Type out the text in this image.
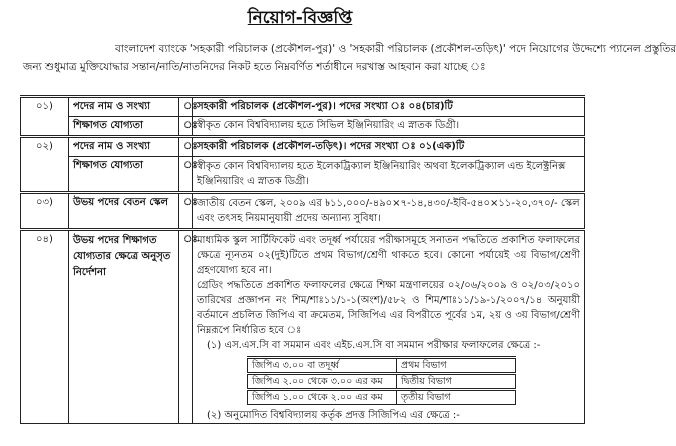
নিয়োগ-বিজ্ঞপ্তি
বাংলাদেশ ব্যাংকে 'সহকারী পরিচালক (প্রকৌশল-পুর)' ও 'সহকারী পরিচালক (প্রকৌশল-তড়িৎ)' পদে নিয়োগের উদ্দেশ্যে প্যানেল প্রস্তুতির
জন্য শুধুমাত্র মুক্তিযোদ্ধার সন্তান/নাতি/নাতনিদের নিকট হতে নিম্নবর্ণিত শর্তাধীনে দরখাস্ত আহবান করা যাচ্ছে ঃ
০১)	পদের নাম ও সংখ্যা	ঃ	সহকারী পরিচালক (প্রকৌশল-পুর)। পদের সংখ্যা ঃ ০৪(চার)টি
শিক্ষাগত যোগ্যতা	ঃ	স্বীকৃত কোন বিশ্ববিদ্যালয় হতে সিভিল ইঞ্জিনিয়ারিং এ স্নাতক ডিগ্রী।
০২)	পদের নাম ও সংখ্যা	ঃ	সহকারী পরিচালক (প্রকৌশল-তড়িৎ)। পদের সংখ্যা ঃ ০১(এক)টি
শিক্ষাগত যোগ্যতা	ঃ	স্বীকৃত কোন বিশ্ববিদ্যালয় হতে ইলেকট্রিক্যাল ইঞ্জিনিয়ারিং অথবা ইলেকট্রিক্যাল এন্ড ইলেক্ট্রনিক্স ইঞ্জিনিয়ারিং এ স্নাতক ডিগ্রী।
০৩)	উভয় পদের বেতন স্কেল	ঃ	জাতীয় বেতন স্কেল, ২০০৯ এর ৳১১,০০০/-৪৯০×৭-১৪,৪৩০/-ইবি-৫৪০×১১-২০,৩৭০/- স্কেল এবং তৎসহ নিয়মানুযায়ী প্রদেয় অন্যান্য সুবিধা।
০৪)	উভয় পদের শিক্ষাগত যোগ্যতার ক্ষেত্রে অনুসৃত নির্দেশনা	ঃ	মাধ্যমিক স্কুল সার্টিফিকেট এবং তদূর্ধ্ব পর্যায়ের পরীক্ষাসমূহে সনাতন পদ্ধতিতে প্রকাশিত ফলাফলের ক্ষেত্রে ন্যূনতম ০২(দুই)টিতে প্রথম বিভাগ/শ্রেণী থাকতে হবে। কোনো পর্যায়েই ৩য় বিভাগ/শ্রেণী গ্রহণযোগ্য হবে না।
গ্রেডিং পদ্ধতিতে প্রকাশিত ফলাফলের ক্ষেত্রে শিক্ষা মন্ত্রণালয়ের ০২/০৬/২০০৯ ও ০২/০৩/২০১০ তারিখের প্রজ্ঞাপন নং শিম/শাঃ১১/১-১(অংশ)/৫৮২ ও শিম/শাঃ১১/১৯-১/২০০৭/১৪ অনুযায়ী বর্তমানে প্রচলিত জিপিএ বা ক্রমেতম, সিজিপিএ এর বিপরীতে পূর্বের ১ম, ২য় ও ৩য় বিভাগ/শ্রেণী নিম্নরূপে নির্ধারিত হবে ঃ
(১) এস.এস.সি বা সমমান এবং এইচ.এস.সি বা সমমান পরীক্ষার ফলাফলের ক্ষেত্রে :-
জিপিএ ৩.০০ বা তদূর্ধ্ব	প্রথম বিভাগ
জিপিএ ২.০০ থেকে ৩.০০ এর কম	দ্বিতীয় বিভাগ
জিপিএ ১.০০ থেকে ২.০০ এর কম	তৃতীয় বিভাগ
(২) অনুমোদিত বিশ্ববিদ্যালয় কর্তৃক প্রদত্ত সিজিপিএ এর ক্ষেত্রে :-
